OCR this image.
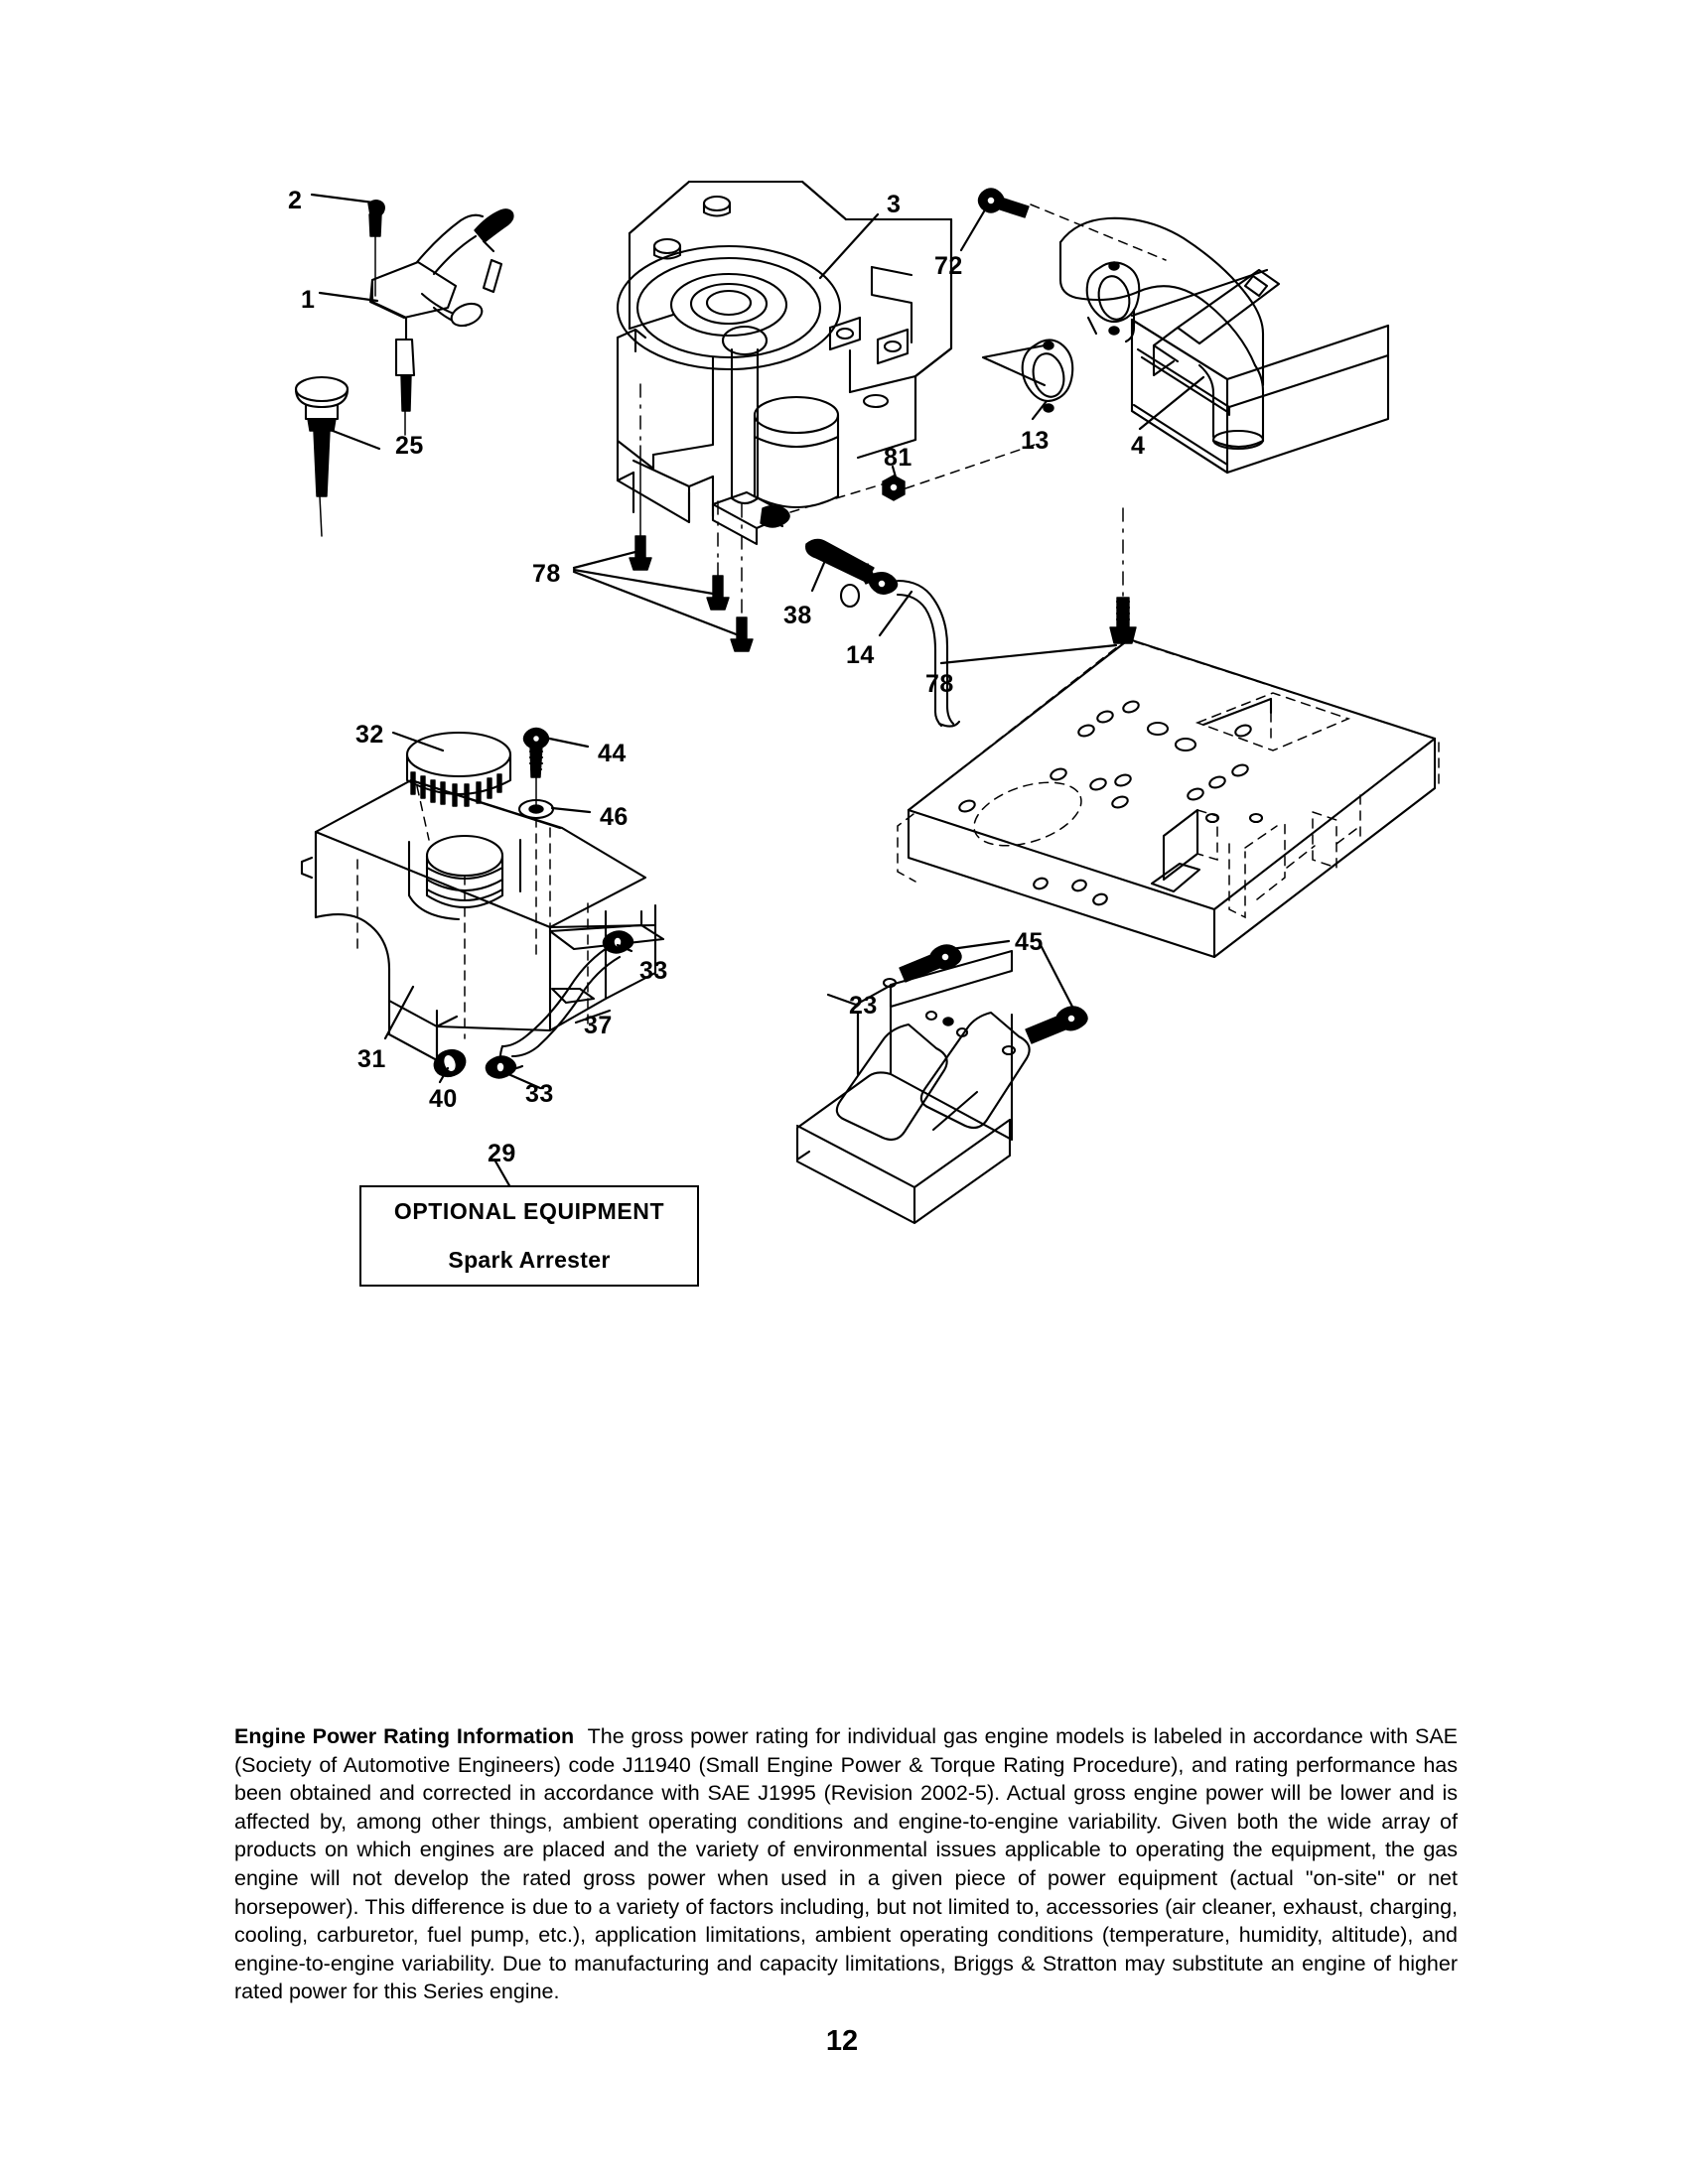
2
1
25
3
72
13	4
81
78
38
14
78
32
44
46
33
37
31
33
40
29
45
23
OPTIONAL EQUIPMENT
Spark Arrester
Engine Power Rating Information The gross power rating for individual gas engine models is labeled in accordance with SAE (Society of Automotive Engineers) code J11940 (Small Engine Power & Torque Rating Procedure), and rating performance has been obtained and corrected in accordance with SAE J1995 (Revision 2002-5). Actual gross engine power will be lower and is affected by, among other things, ambient operating conditions and engine-to-engine variability. Given both the wide array of products on which engines are placed and the variety of environmental issues applicable to operating the equipment, the gas engine will not develop the rated gross power when used in a given piece of power equipment (actual "on-site" or net horsepower). This difference is due to a variety of factors including, but not limited to, accessories (air cleaner, exhaust, charging, cooling, carburetor, fuel pump, etc.), application limitations, ambient operating conditions (temperature, humidity, altitude), and engine-to-engine variability. Due to manufacturing and capacity limitations, Briggs & Stratton may substitute an engine of higher rated power for this Series engine.
12
